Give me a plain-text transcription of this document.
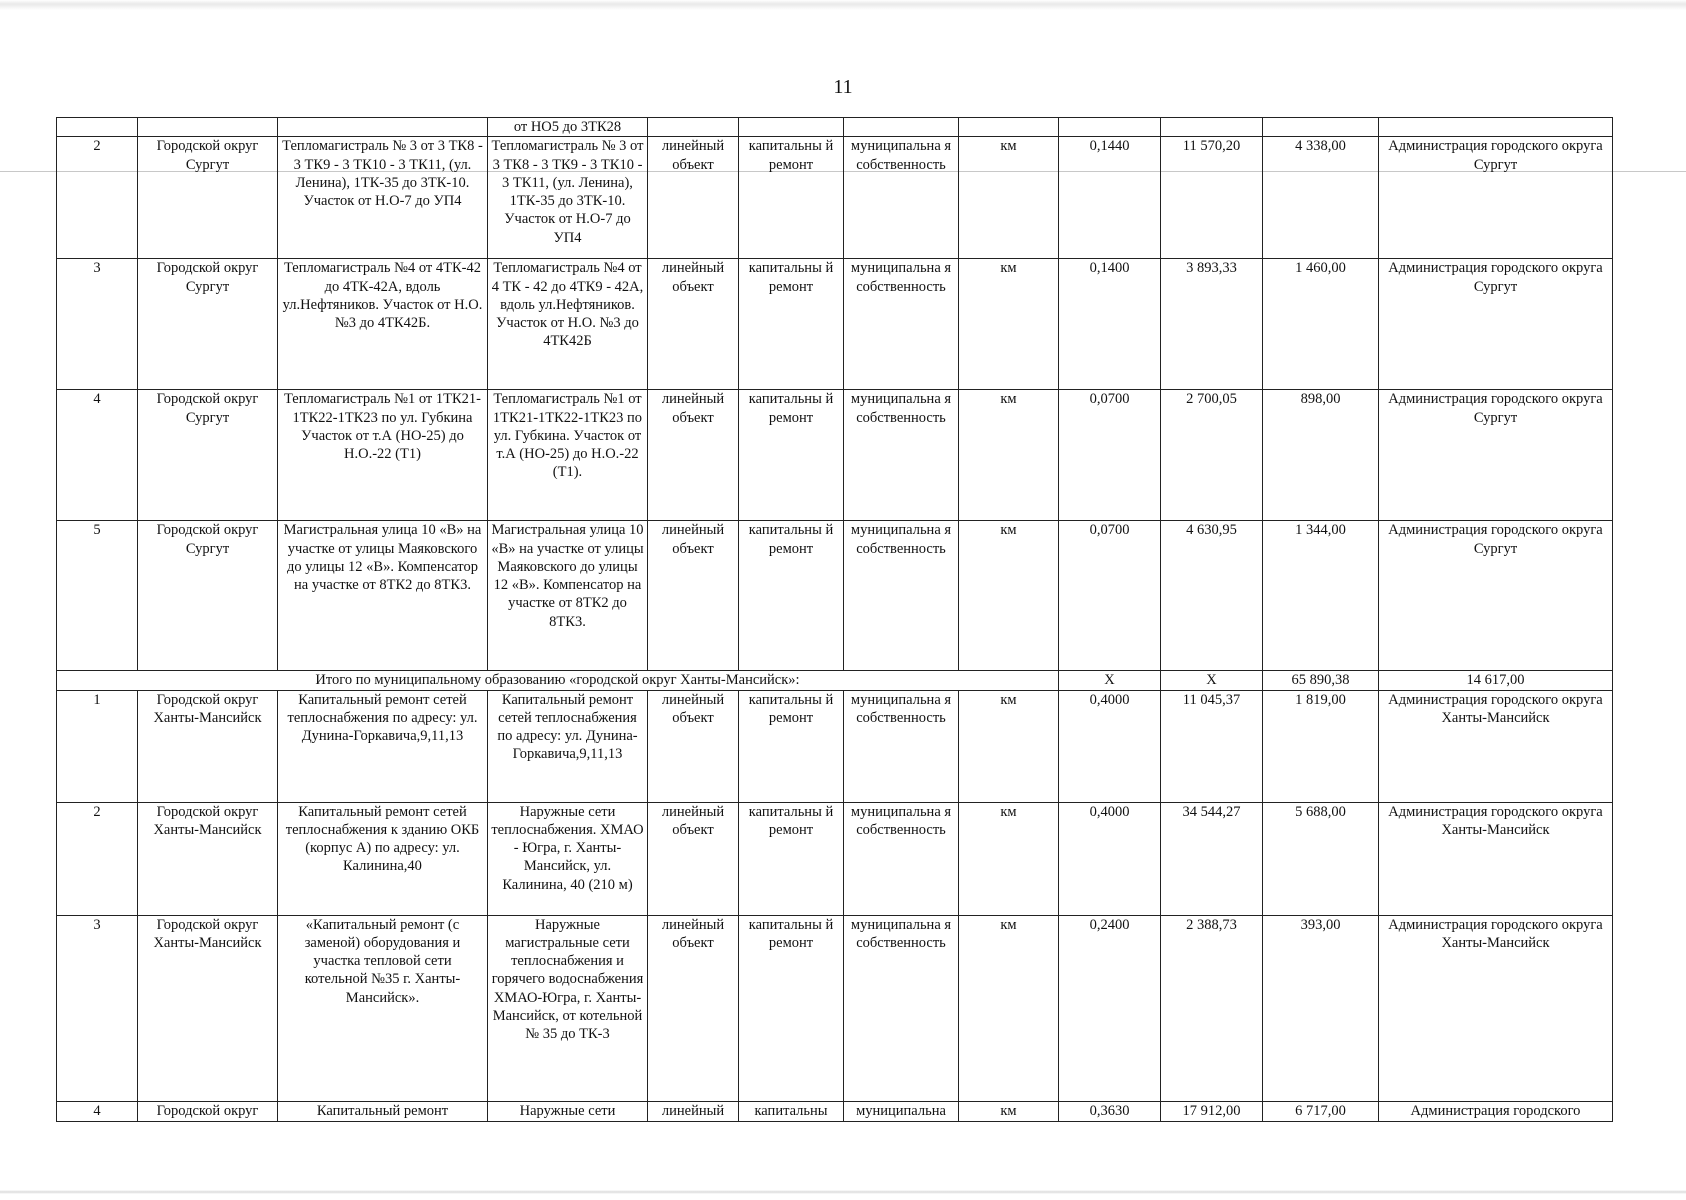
11
			от НО5 до 3ТК28									
2	Городской округ Сургут	Тепломагистраль № 3 от 3 ТК8 - 3 ТК9 - 3 ТК10 - 3 ТК11, (ул. Ленина), 1ТК-35 до 3ТК-10. Участок от Н.О-7 до УП4	Тепломагистраль № 3 от 3 ТК8 - 3 ТК9 - 3 ТК10 - 3 ТК11, (ул. Ленина), 1ТК-35 до 3ТК-10. Участок от Н.О-7 до УП4	линейный объект	капитальны й ремонт	муниципальна я собственность	км	0,1440	11 570,20	4 338,00	Администрация городского округа Сургут	
3	Городской округ Сургут	Тепломагистраль №4 от 4ТК-42 до 4ТК-42А, вдоль ул.Нефтяников. Участок от Н.О. №3 до 4ТК42Б.	Тепломагистраль №4 от 4 ТК - 42 до 4ТК9 - 42А, вдоль ул.Нефтяников. Участок от Н.О. №3 до 4ТК42Б	линейный объект	капитальны й ремонт	муниципальна я собственность	км	0,1400	3 893,33	1 460,00	Администрация городского округа Сургут	
4	Городской округ Сургут	Тепломагистраль №1 от 1ТК21-1ТК22-1ТК23 по ул. Губкина Участок от т.А (НО-25) до Н.О.-22 (Т1)	Тепломагистраль №1 от 1ТК21-1ТК22-1ТК23 по ул. Губкина. Участок от т.А (НО-25) до Н.О.-22 (Т1).	линейный объект	капитальны й ремонт	муниципальна я собственность	км	0,0700	2 700,05	898,00	Администрация городского округа Сургут	
5	Городской округ Сургут	Магистральная улица 10 «В» на участке от улицы Маяковского до улицы 12 «В». Компенсатор на участке от 8ТК2 до 8ТК3.	Магистральная улица 10 «В» на участке от улицы Маяковского до улицы 12 «В». Компенсатор на участке от 8ТК2 до 8ТК3.	линейный объект	капитальны й ремонт	муниципальна я собственность	км	0,0700	4 630,95	1 344,00	Администрация городского округа Сургут	
Итого по муниципальному образованию «городской округ Ханты-Мансийск»:								X	X	65 890,38	14 617,00	
1	Городской округ Ханты-Мансийск	Капитальный ремонт сетей теплоснабжения по адресу: ул. Дунина-Горкавича,9,11,13	Капитальный ремонт сетей теплоснабжения по адресу: ул. Дунина-Горкавича,9,11,13	линейный объект	капитальны й ремонт	муниципальна я собственность	км	0,4000	11 045,37	1 819,00	Администрация городского округа Ханты-Мансийск	
2	Городской округ Ханты-Мансийск	Капитальный ремонт сетей теплоснабжения к зданию ОКБ (корпус А) по адресу: ул. Калинина,40	Наружные сети теплоснабжения. ХМАО - Югра, г. Ханты-Мансийск, ул. Калинина, 40 (210 м)	линейный объект	капитальны й ремонт	муниципальна я собственность	км	0,4000	34 544,27	5 688,00	Администрация городского округа Ханты-Мансийск	
3	Городской округ Ханты-Мансийск	«Капитальный ремонт (с заменой) оборудования и участка тепловой сети котельной №35 г. Ханты-Мансийск».	Наружные магистральные сети теплоснабжения и горячего водоснабжения ХМАО-Югра, г. Ханты-Мансийск, от котельной № 35 до ТК-3	линейный объект	капитальны й ремонт	муниципальна я собственность	км	0,2400	2 388,73	393,00	Администрация городского округа Ханты-Мансийск	
4	Городской округ	Капитальный ремонт	Наружные сети	линейный	капитальны	муниципальна	км	0,3630	17 912,00	6 717,00	Администрация городского	
